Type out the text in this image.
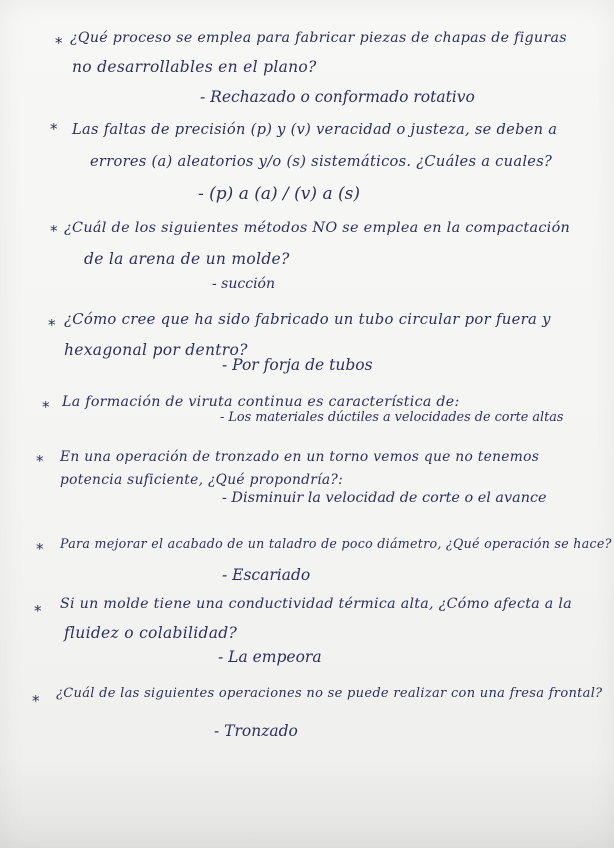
* ¿Qué proceso se emplea para fabricar piezas de chapas de figuras
no desarrollables en el plano?
- Rechazado o conformado rotativo
* Las faltas de precisión (p) y (v) veracidad o justeza, se deben a
errores (a) aleatorios y/o (s) sistemáticos. ¿Cuáles a cuales?
- (p) a (a) / (v) a (s)
* ¿Cuál de los siguientes métodos NO se emplea en la compactación
de la arena de un molde?
- succión
* ¿Cómo cree que ha sido fabricado un tubo circular por fuera y
hexagonal por dentro?
- Por forja de tubos
* La formación de viruta continua es característica de:
- Los materiales dúctiles a velocidades de corte altas
* En una operación de tronzado en un torno vemos que no tenemos
potencia suficiente, ¿Qué propondría?:
- Disminuir la velocidad de corte o el avance
* Para mejorar el acabado de un taladro de poco diámetro, ¿Qué operación se hace?
- Escariado
* Si un molde tiene una conductividad térmica alta, ¿Cómo afecta a la
fluidez o colabilidad?
- La empeora
* ¿Cuál de las siguientes operaciones no se puede realizar con una fresa frontal?
- Tronzado
